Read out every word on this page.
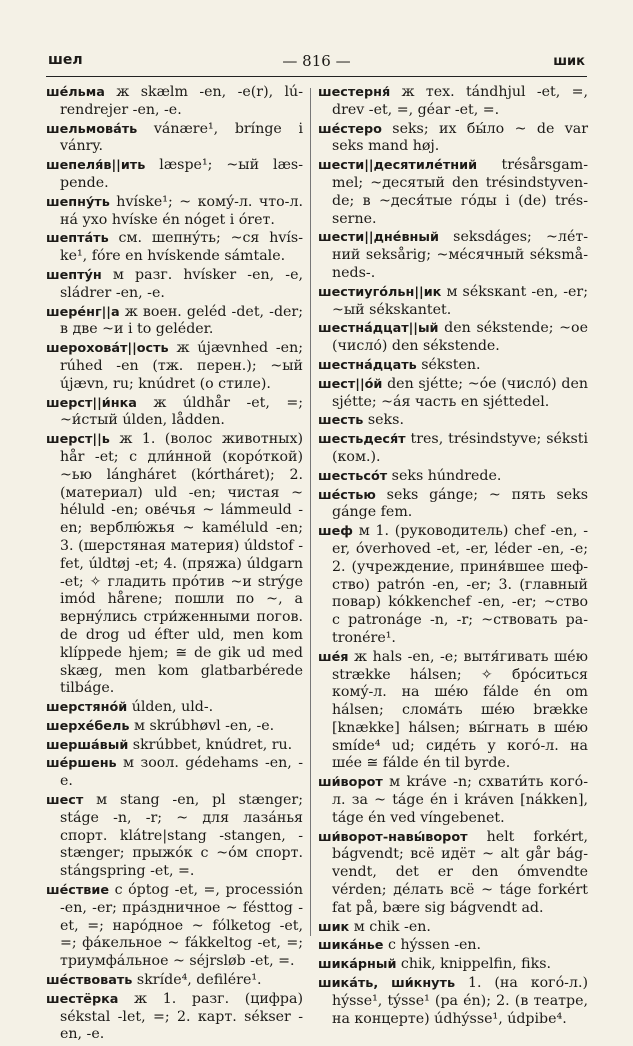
шел	— 816 —	шик
шéльма ж skælm -en, -e(r), lúrendrejer -en, -e.
шельмовáть vánære¹, brínge i vánry.
шепеля́в||ить læspe¹; ~ый læspende.
шепну́ть hvíske¹; ~ комý-л. что-л. нá ухо hvíske én nóget i órет.
шептáть см. шепнýть; ~ся hvíske¹, fóre en hvískende sámtale.
шептýн м разг. hvísker -en, -e, sládrer -en, -e.
шерéнг||а ж воен. geléd -det, -der; в две ~и i to geléder.
шероховáт||ость ж újævnhed -en; rúhed -en (тж. перен.); ~ый újævn, ru; knúdret (о стиле).
шерст||и́нка ж úldhår -et, =; ~и́стый úlden, lådden.
шерст||ь ж 1. (волос животных) hår -et; с дли́нной (корóткой) ~ью lángháret (kórtháret); 2. (материал) uld -en; чистая ~ héluld -en; овéчья ~ lámmeuld -en; верблю́жья ~ kaméluld -en; 3. (шерстяная материя) úldstof -fet, úldtøj -et; 4. (пряжа) úldgarn -et; ✧ гладить прóтив ~и strýge imód hårene; пошли по ~, а вернýлись стри́женными погов. de drog ud éfter uld, men kom klíppede hjem; ≅ de gik ud med skæg, men kom glatbarbérede tilbáge.
шерстянóй úlden, uld-.
шерхéбель м skrúbhøvl -en, -e.
шершáвый skrúbbet, knúdret, ru.
шéршень м зоол. gédehams -en, -e.
шест м stang -en, pl stænger; stáge -n, -r; ~ для лазáнья спорт. klátre|stang -stangen, -stænger; прыжóк с ~óм спорт. stángspring -et, =.
шéствие с óptog -et, =, processión -en, -er; прáздничное ~ fésttog -et, =; нарóдное ~ fólketog -et, =; фáкельное ~ fákkeltog -et, =; триумфáльное ~ séjrsløb -et, =.
шéствовать skríde⁴, defilére¹.
шестёрка ж 1. разг. (цифра) sékstal -let, =; 2. карт. sékser -en, -e.
шестерня́ ж тех. tándhjul -et, =, drev -et, =, géar -et, =.
шéстеро seks; их бы́ло ~ de var seks mand høj.
шести||десятилéтний trésårsgammel; ~десятый den trésindstyvende; в ~деся́тые гóды i (de) trésserne.
шести||днéвный seksdáges; ~лéтний seksårig; ~мéсячный séksmåneds-.
шестиугóльн||ик м séksкant -en, -er; ~ый sékskantet.
шестнáдцат||ый den sékstende; ~ое (число́) den sékstende.
шестнáдцать séksten.
шест||óй den sjétte; ~óе (число́) den sjétte; ~áя часть en sjéttedel.
шесть seks.
шестьдеся́т tres, trésindstyve; séksti (ком.).
шестьсóт seks húndrede.
шéстью seks gánge; ~ пять seks gánge fem.
шеф м 1. (руководитель) chef -en, -er, óverhoved -et, -er, léder -en, -e; 2. (учреждение, приня́вшее шефство) patrón -en, -er; 3. (главный повар) kókkenchef -en, -er; ~ство с patronáge -n, -r; ~ствовать patronére¹.
шéя ж hals -en, -e; вытя́гивать шéю strække hálsen; ✧ брóситься комý-л. на шéю fálde én om hálsen; сломáть шéю brække [knække] hálsen; вы́гнать в шéю smíde⁴ ud; сидéть у когó-л. на шéе ≅ fálde én til byrde.
ши́ворот м kráve -n; схвати́ть когó-л. за ~ táge én i kráven [nákken], táge én ved víngebenet.
ши́ворот-навы́ворот helt forkért, bágvendt; всё идёт ~ alt går bágvendt, det er den ómvendte vérden; дéлать всё ~ táge forkért fat på, bære sig bágvendt ad.
шик м chik -en.
шикáнье с hýssen -en.
шикáрный chik, knippelfin, fiks.
шикáть, ши́кнуть 1. (на когó-л.) hýsse¹, týsse¹ (pa én); 2. (в театре, на концерте) údhýsse¹, údpibe⁴.
